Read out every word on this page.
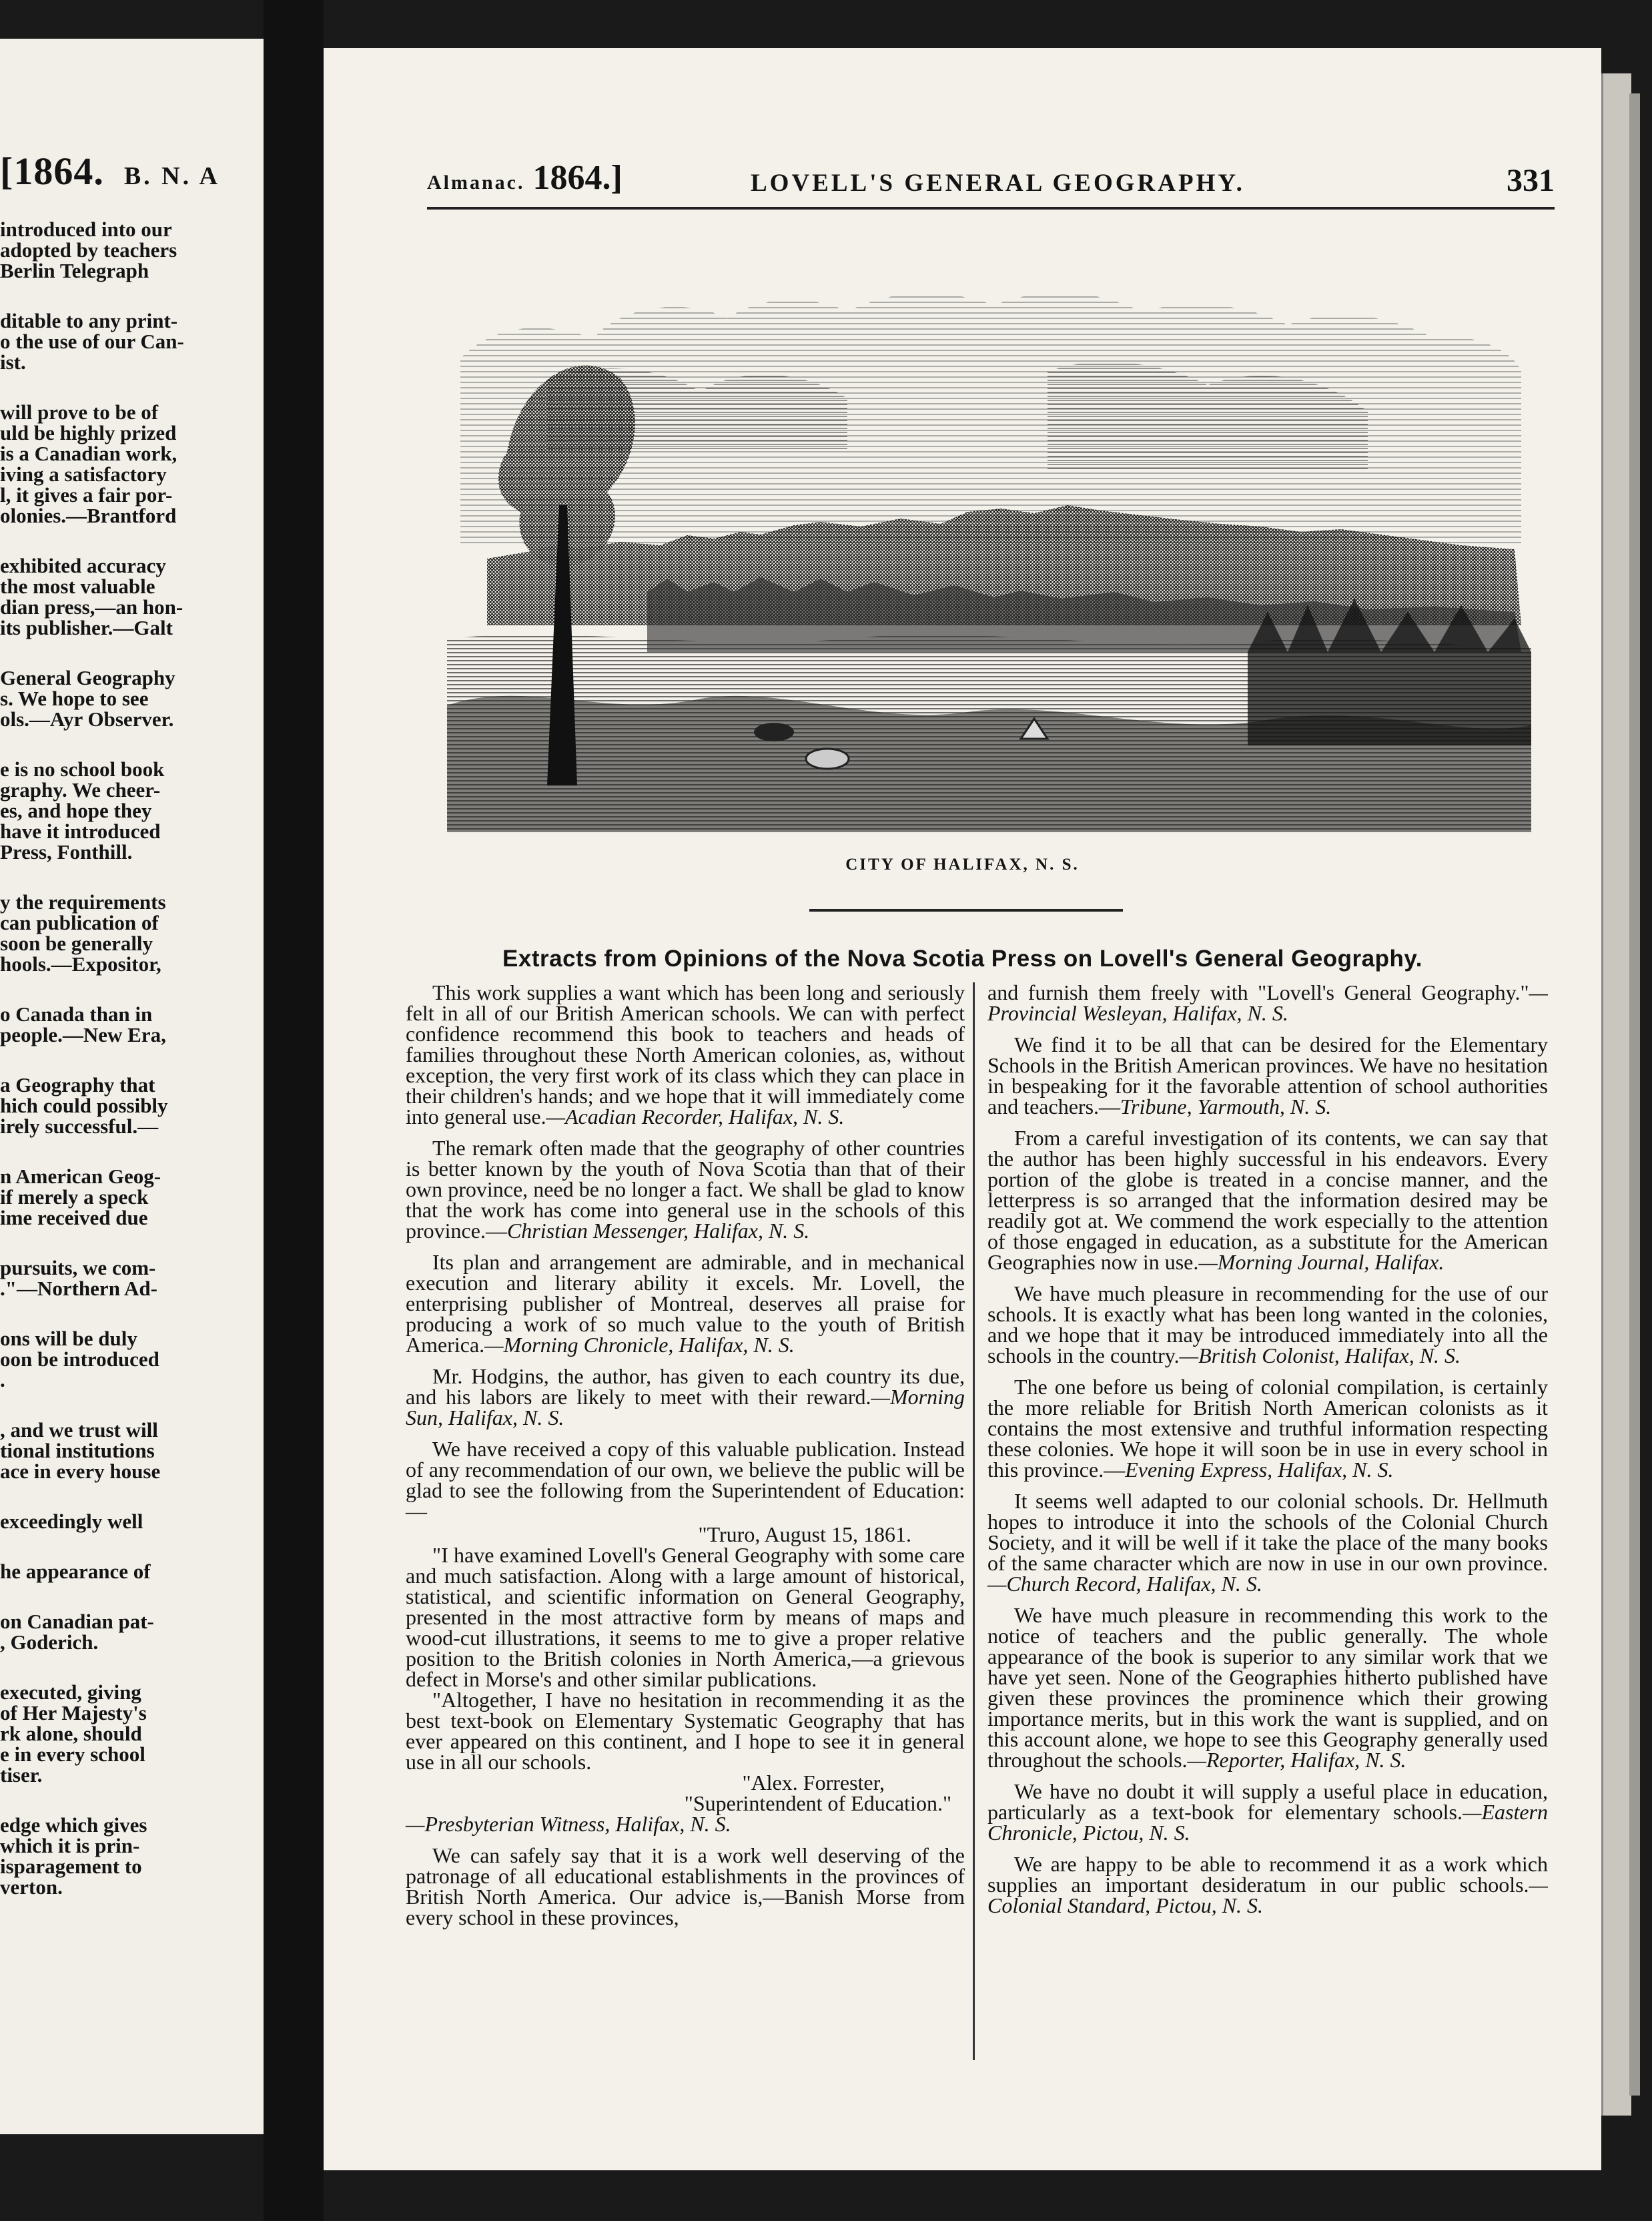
[1864. B. N. A
introduced into our
adopted by teachers
Berlin Telegraph
ditable to any print-
o the use of our Can-
ist.
will prove to be of
uld be highly prized
is a Canadian work,
iving a satisfactory
l, it gives a fair por-
olonies.—Brantford
exhibited accuracy
the most valuable
dian press,—an hon-
its publisher.—Galt
General Geography
s. We hope to see
ols.—Ayr Observer.
e is no school book
graphy. We cheer-
es, and hope they
have it introduced
Press, Fonthill.
y the requirements
can publication of
soon be generally
hools.—Expositor,
o Canada than in
people.—New Era,
a Geography that
hich could possibly
irely successful.—
n American Geog-
if merely a speck
ime received due
pursuits, we com-
."—Northern Ad-
ons will be duly
oon be introduced
.
, and we trust will
tional institutions
ace in every house
exceedingly well
he appearance of
on Canadian pat-
, Goderich.
executed, giving
of Her Majesty's
rk alone, should
e in every school
tiser.
edge which gives
which it is prin-
isparagement to
verton.
Almanac. 1864.]	LOVELL'S GENERAL GEOGRAPHY.	331
CITY OF HALIFAX, N. S.
Extracts from Opinions of the Nova Scotia Press on Lovell's General Geography.

This work supplies a want which has been long and seriously felt in all of our British American schools. We can with perfect confidence recommend this book to teachers and heads of families throughout these North American colonies, as, without exception, the very first work of its class which they can place in their children's hands; and we hope that it will immediately come into general use.—Acadian Recorder, Halifax, N. S.

The remark often made that the geography of other countries is better known by the youth of Nova Scotia than that of their own province, need be no longer a fact. We shall be glad to know that the work has come into general use in the schools of this province.—Christian Messenger, Halifax, N. S.

Its plan and arrangement are admirable, and in mechanical execution and literary ability it excels. Mr. Lovell, the enterprising publisher of Montreal, deserves all praise for producing a work of so much value to the youth of British America.—Morning Chronicle, Halifax, N. S.

Mr. Hodgins, the author, has given to each country its due, and his labors are likely to meet with their reward.—Morning Sun, Halifax, N. S.

We have received a copy of this valuable publication. Instead of any recommendation of our own, we believe the public will be glad to see the following from the Superintendent of Education:—

"Truro, August 15, 1861.

"I have examined Lovell's General Geography with some care and much satisfaction. Along with a large amount of historical, statistical, and scientific information on General Geography, presented in the most attractive form by means of maps and wood-cut illustrations, it seems to me to give a proper relative position to the British colonies in North America,—a grievous defect in Morse's and other similar publications.

"Altogether, I have no hesitation in recommending it as the best text-book on Elementary Systematic Geography that has ever appeared on this continent, and I hope to see it in general use in all our schools.

"Alex. Forrester,

"Superintendent of Education."

—Presbyterian Witness, Halifax, N. S.

We can safely say that it is a work well deserving of the patronage of all educational establishments in the provinces of British North America. Our advice is,—Banish Morse from every school in these provinces,

and furnish them freely with "Lovell's General Geography."—Provincial Wesleyan, Halifax, N. S.

We find it to be all that can be desired for the Elementary Schools in the British American provinces. We have no hesitation in bespeaking for it the favorable attention of school authorities and teachers.—Tribune, Yarmouth, N. S.

From a careful investigation of its contents, we can say that the author has been highly successful in his endeavors. Every portion of the globe is treated in a concise manner, and the letterpress is so arranged that the information desired may be readily got at. We commend the work especially to the attention of those engaged in education, as a substitute for the American Geographies now in use.—Morning Journal, Halifax.

We have much pleasure in recommending for the use of our schools. It is exactly what has been long wanted in the colonies, and we hope that it may be introduced immediately into all the schools in the country.—British Colonist, Halifax, N. S.

The one before us being of colonial compilation, is certainly the more reliable for British North American colonists as it contains the most extensive and truthful information respecting these colonies. We hope it will soon be in use in every school in this province.—Evening Express, Halifax, N. S.

It seems well adapted to our colonial schools. Dr. Hellmuth hopes to introduce it into the schools of the Colonial Church Society, and it will be well if it take the place of the many books of the same character which are now in use in our own province.—Church Record, Halifax, N. S.

We have much pleasure in recommending this work to the notice of teachers and the public generally. The whole appearance of the book is superior to any similar work that we have yet seen. None of the Geographies hitherto published have given these provinces the prominence which their growing importance merits, but in this work the want is supplied, and on this account alone, we hope to see this Geography generally used throughout the schools.—Reporter, Halifax, N. S.

We have no doubt it will supply a useful place in education, particularly as a text-book for elementary schools.—Eastern Chronicle, Pictou, N. S.

We are happy to be able to recommend it as a work which supplies an important desideratum in our public schools.—Colonial Standard, Pictou, N. S.
